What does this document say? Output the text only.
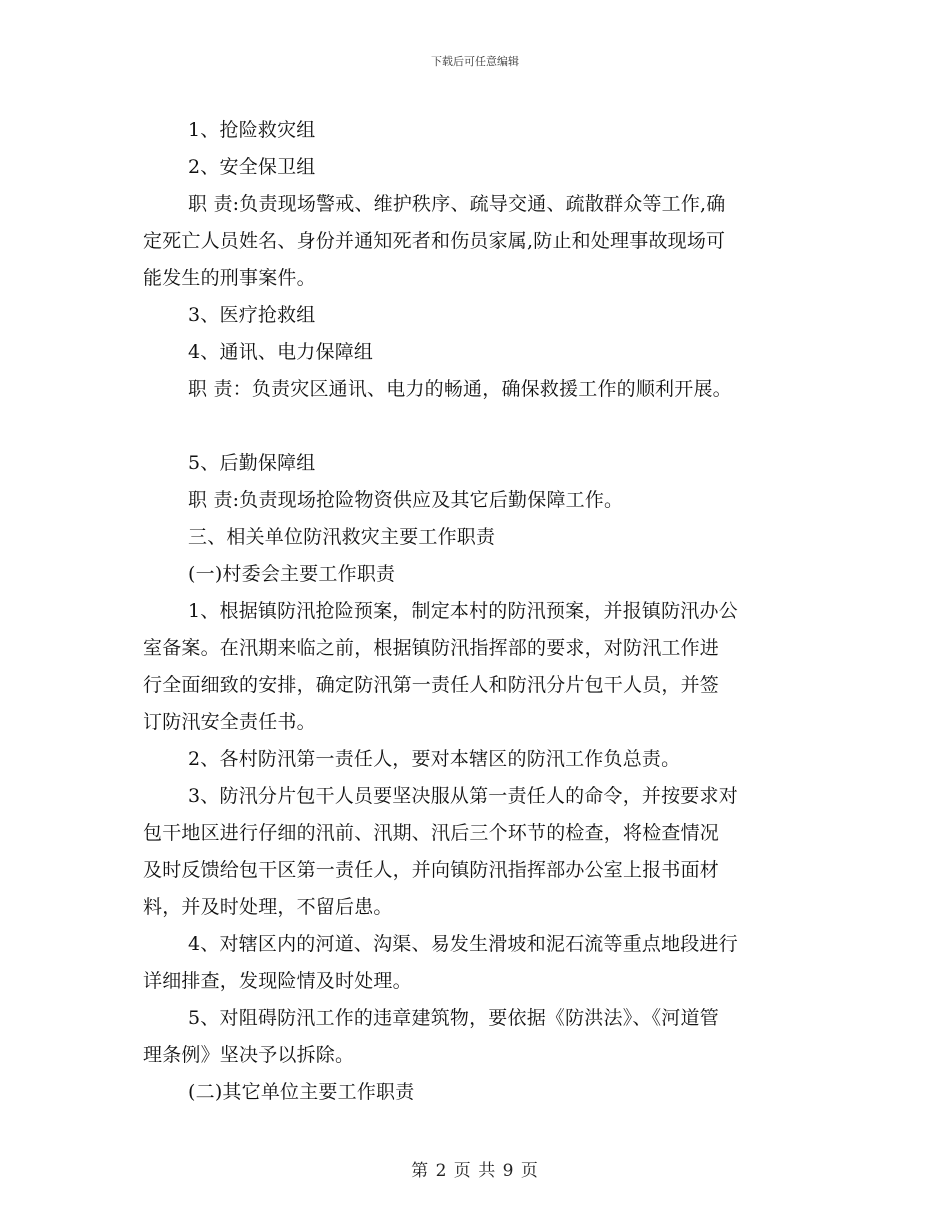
下载后可任意编辑
1、抢险救灾组
2、安全保卫组
职 责:负责现场警戒、维护秩序、疏导交通、疏散群众等工作,确
定死亡人员姓名、身份并通知死者和伤员家属,防止和处理事故现场可
能发生的刑事案件。
3、医疗抢救组
4、通讯、电力保障组
职 责：负责灾区通讯、电力的畅通，确保救援工作的顺利开展。
5、后勤保障组
职 责:负责现场抢险物资供应及其它后勤保障工作。
三、相关单位防汛救灾主要工作职责
(一)村委会主要工作职责
1、根据镇防汛抢险预案，制定本村的防汛预案，并报镇防汛办公
室备案。在汛期来临之前，根据镇防汛指挥部的要求，对防汛工作进
行全面细致的安排，确定防汛第一责任人和防汛分片包干人员，并签
订防汛安全责任书。
2、各村防汛第一责任人，要对本辖区的防汛工作负总责。
3、防汛分片包干人员要坚决服从第一责任人的命令，并按要求对
包干地区进行仔细的汛前、汛期、汛后三个环节的检查，将检查情况
及时反馈给包干区第一责任人，并向镇防汛指挥部办公室上报书面材
料，并及时处理，不留后患。
4、对辖区内的河道、沟渠、易发生滑坡和泥石流等重点地段进行
详细排查，发现险情及时处理。
5、对阻碍防汛工作的违章建筑物，要依据《防洪法》、《河道管
理条例》坚决予以拆除。
(二)其它单位主要工作职责
第 2 页 共 9 页
